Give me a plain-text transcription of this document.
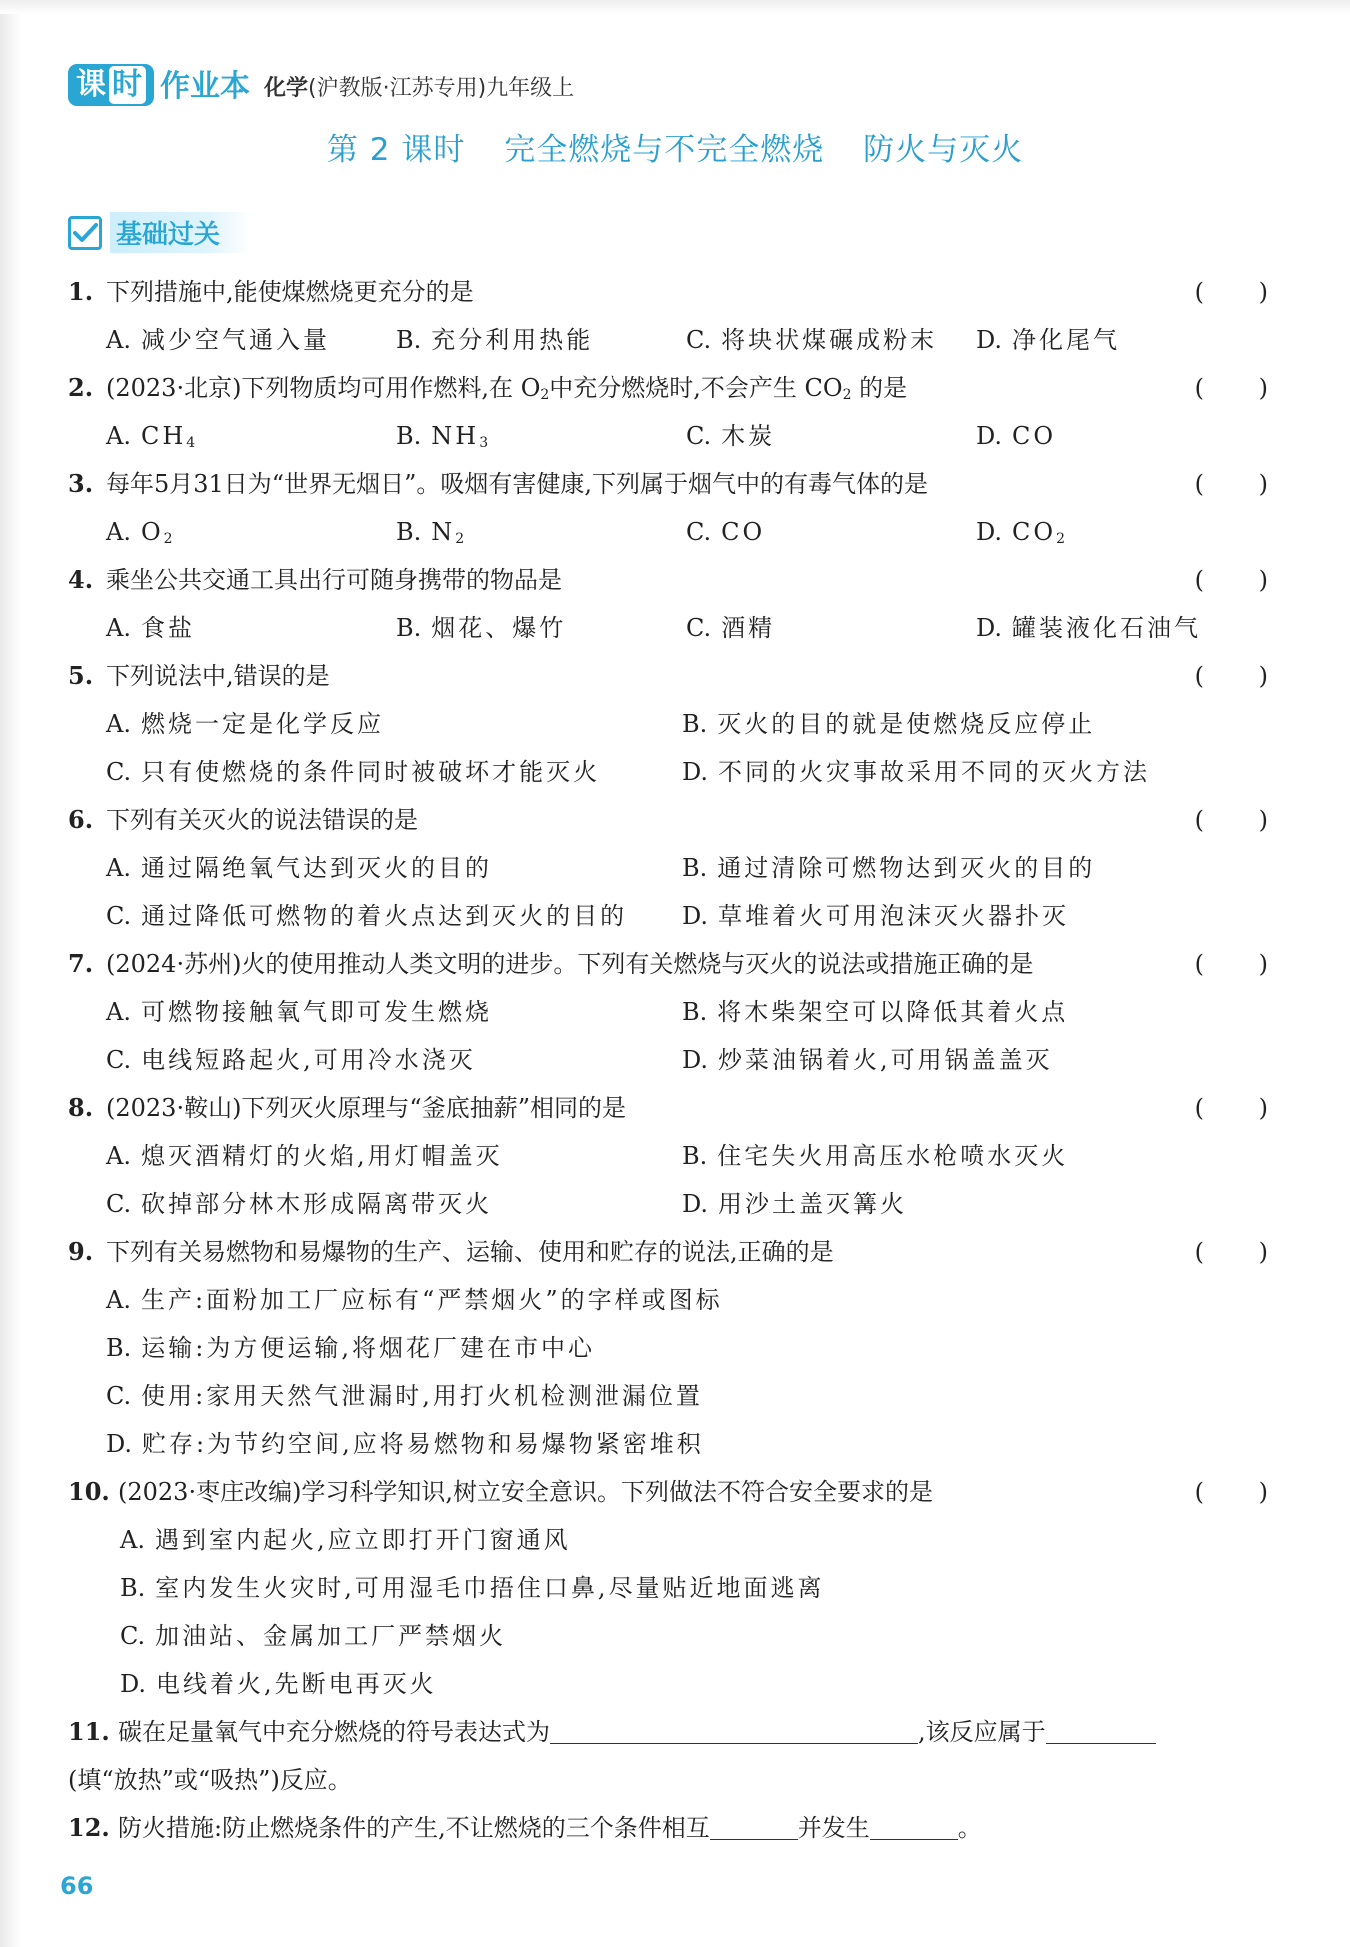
课 时 作业本 化学(沪教版·江苏专用)九年级上
第 2 课时 完全燃烧与不完全燃烧 防火与灭火
基础过关
1. 下列措施中,能使煤燃烧更充分的是	( )
A. 减少空气通入量	B. 充分利用热能	C. 将块状煤碾成粉末	D. 净化尾气
2. (2023·北京)下列物质均可用作燃料,在 $O_2$中充分燃烧时,不会产生 $CO_2$ 的是	( )
A. $CH_4$	B. $NH_3$	C. 木炭	D. CO
3. 每年5月31日为“世界无烟日”。吸烟有害健康,下列属于烟气中的有毒气体的是	( )
A. $O_2$	B. $N_2$	C. CO	D. $CO_2$
4. 乘坐公共交通工具出行可随身携带的物品是	( )
A. 食盐	B. 烟花、爆竹	C. 酒精	D. 罐装液化石油气
5. 下列说法中,错误的是	( )
A. 燃烧一定是化学反应	B. 灭火的目的就是使燃烧反应停止
C. 只有使燃烧的条件同时被破坏才能灭火	D. 不同的火灾事故采用不同的灭火方法
6. 下列有关灭火的说法错误的是	( )
A. 通过隔绝氧气达到灭火的目的	B. 通过清除可燃物达到灭火的目的
C. 通过降低可燃物的着火点达到灭火的目的	D. 草堆着火可用泡沫灭火器扑灭
7. (2024·苏州)火的使用推动人类文明的进步。下列有关燃烧与灭火的说法或措施正确的是	( )
A. 可燃物接触氧气即可发生燃烧	B. 将木柴架空可以降低其着火点
C. 电线短路起火,可用冷水浇灭	D. 炒菜油锅着火,可用锅盖盖灭
8. (2023·鞍山)下列灭火原理与“釜底抽薪”相同的是	( )
A. 熄灭酒精灯的火焰,用灯帽盖灭	B. 住宅失火用高压水枪喷水灭火
C. 砍掉部分林木形成隔离带灭火	D. 用沙土盖灭篝火
9. 下列有关易燃物和易爆物的生产、运输、使用和贮存的说法,正确的是	( )
A. 生产:面粉加工厂应标有“严禁烟火”的字样或图标
B. 运输:为方便运输,将烟花厂建在市中心
C. 使用:家用天然气泄漏时,用打火机检测泄漏位置
D. 贮存:为节约空间,应将易燃物和易爆物紧密堆积
10. (2023·枣庄改编)学习科学知识,树立安全意识。下列做法不符合安全要求的是	( )
A. 遇到室内起火,应立即打开门窗通风
B. 室内发生火灾时,可用湿毛巾捂住口鼻,尽量贴近地面逃离
C. 加油站、金属加工厂严禁烟火
D. 电线着火,先断电再灭火
11. 碳在足量氧气中充分燃烧的符号表达式为	,该反应属于
(填“放热”或“吸热”)反应。
12. 防火措施:防止燃烧条件的产生,不让燃烧的三个条件相互	并发生	。
66
